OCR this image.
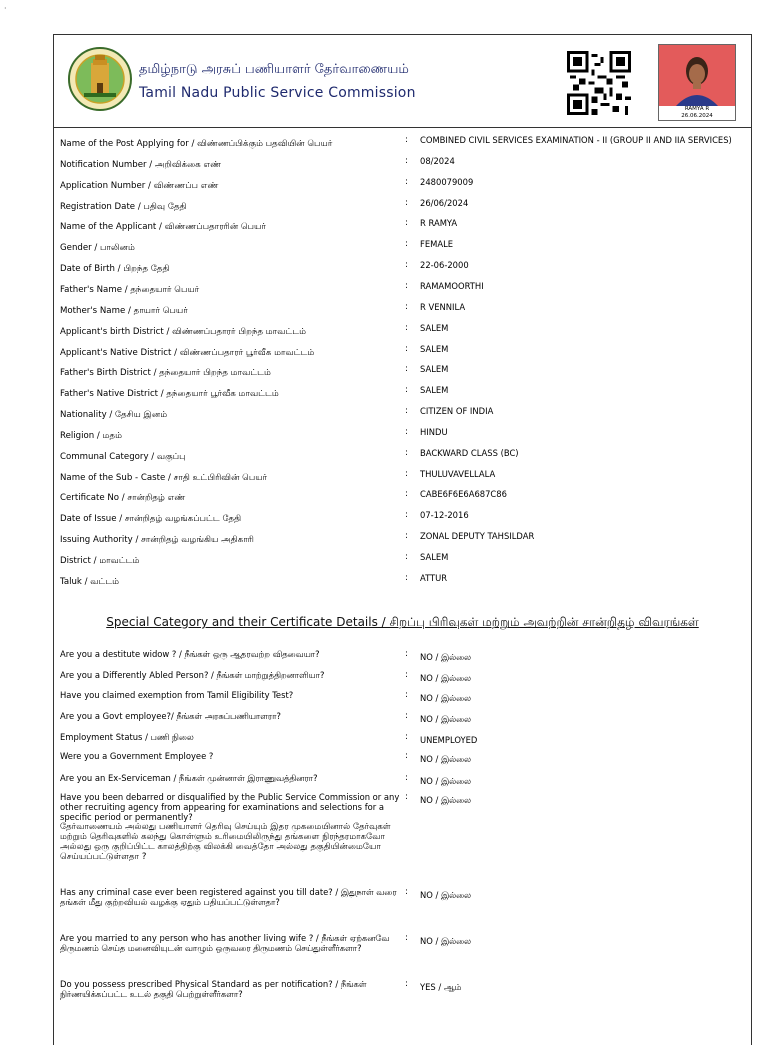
·
தமிழ்நாடு அரசுப் பணியாளர் தேர்வாணையம்
Tamil Nadu Public Service Commission
RAMYA R
26.06.2024
Name of the Post Applying for / விண்ணப்பிக்கும் பதவியின் பெயர்	: COMBINED CIVIL SERVICES EXAMINATION - II (GROUP II AND IIA SERVICES)
Notification Number / அறிவிக்கை எண்	: 08/2024
Application Number / விண்ணப்ப எண்	: 2480079009
Registration Date / பதிவு தேதி	: 26/06/2024
Name of the Applicant / விண்ணப்பதாரரின் பெயர்	: R RAMYA
Gender / பாலினம்	: FEMALE
Date of Birth / பிறந்த தேதி	: 22-06-2000
Father's Name / தந்தையார் பெயர்	: RAMAMOORTHI
Mother's Name / தாயார் பெயர்	: R VENNILA
Applicant's birth District / விண்ணப்பதாரர் பிறந்த மாவட்டம்	: SALEM
Applicant's Native District / விண்ணப்பதாரர் பூர்வீக மாவட்டம்	: SALEM
Father's Birth District / தந்தையார் பிறந்த மாவட்டம்	: SALEM
Father's Native District / தந்தையார் பூர்வீக மாவட்டம்	: SALEM
Nationality / தேசிய இனம்	: CITIZEN OF INDIA
Religion / மதம்	: HINDU
Communal Category / வகுப்பு	: BACKWARD CLASS (BC)
Name of the Sub - Caste / சாதி உட்பிரிவின் பெயர்	: THULUVAVELLALA
Certificate No / சான்றிதழ் எண்	: CABE6F6E6A687C86
Date of Issue / சான்றிதழ் வழங்கப்பட்ட தேதி	: 07-12-2016
Issuing Authority / சான்றிதழ் வழங்கிய அதிகாரி	: ZONAL DEPUTY TAHSILDAR
District / மாவட்டம்	: SALEM
Taluk / வட்டம்	: ATTUR
Special Category and their Certificate Details / சிறப்பு பிரிவுகள் மற்றும் அவற்றின் சான்றிதழ் விவரங்கள்
Are you a destitute widow ? / நீங்கள் ஒரு ஆதரவற்ற விதவையா?	: NO / இல்லை
Are you a Differently Abled Person? / நீங்கள் மாற்றுத்திறனாளியா?	: NO / இல்லை
Have you claimed exemption from Tamil Eligibility Test?	: NO / இல்லை
Are you a Govt employee?/ நீங்கள் அரசுப்பணியாளரா?	: NO / இல்லை
Employment Status / பணி நிலை	: UNEMPLOYED
Were you a Government Employee ?	: NO / இல்லை
Are you an Ex-Serviceman / நீங்கள் முன்னாள் இராணுவத்தினரா?	: NO / இல்லை
Have you been debarred or disqualified by the Public Service Commission or any other recruiting agency from appearing for examinations and selections for a specific period or permanently?
தேர்வாணையம் அல்லது பணியாளர் தெரிவு செய்யும் இதர முகமையினால் தேர்வுகள் மற்றும் தெரிவுகளில் கலந்து கொள்ளும் உரிமையிலிருந்து தங்களை நிரந்தரமாகவோ அல்லது ஒரு குறிப்பிட்ட காலத்திற்கு விலக்கி வைத்தோ அல்லது தகுதியின்மையோ செய்யப்பட்டுள்ளதா ?
: NO / இல்லை
Has any criminal case ever been registered against you till date? / இதுநாள் வரை தங்கள் மீது குற்றவியல் வழக்கு ஏதும் பதியப்பட்டுள்ளதா?
: NO / இல்லை
Are you married to any person who has another living wife ? / நீங்கள் ஏற்கனவே திருமணம் செய்த மனைவியுடன் வாழும் ஒருவரை திருமணம் செய்துள்ளீர்களா?
: NO / இல்லை
Do you possess prescribed Physical Standard as per notification? / நீங்கள் நிர்ணயிக்கப்பட்ட உடல் தகுதி பெற்றுள்ளீர்களா?
: YES / ஆம்
